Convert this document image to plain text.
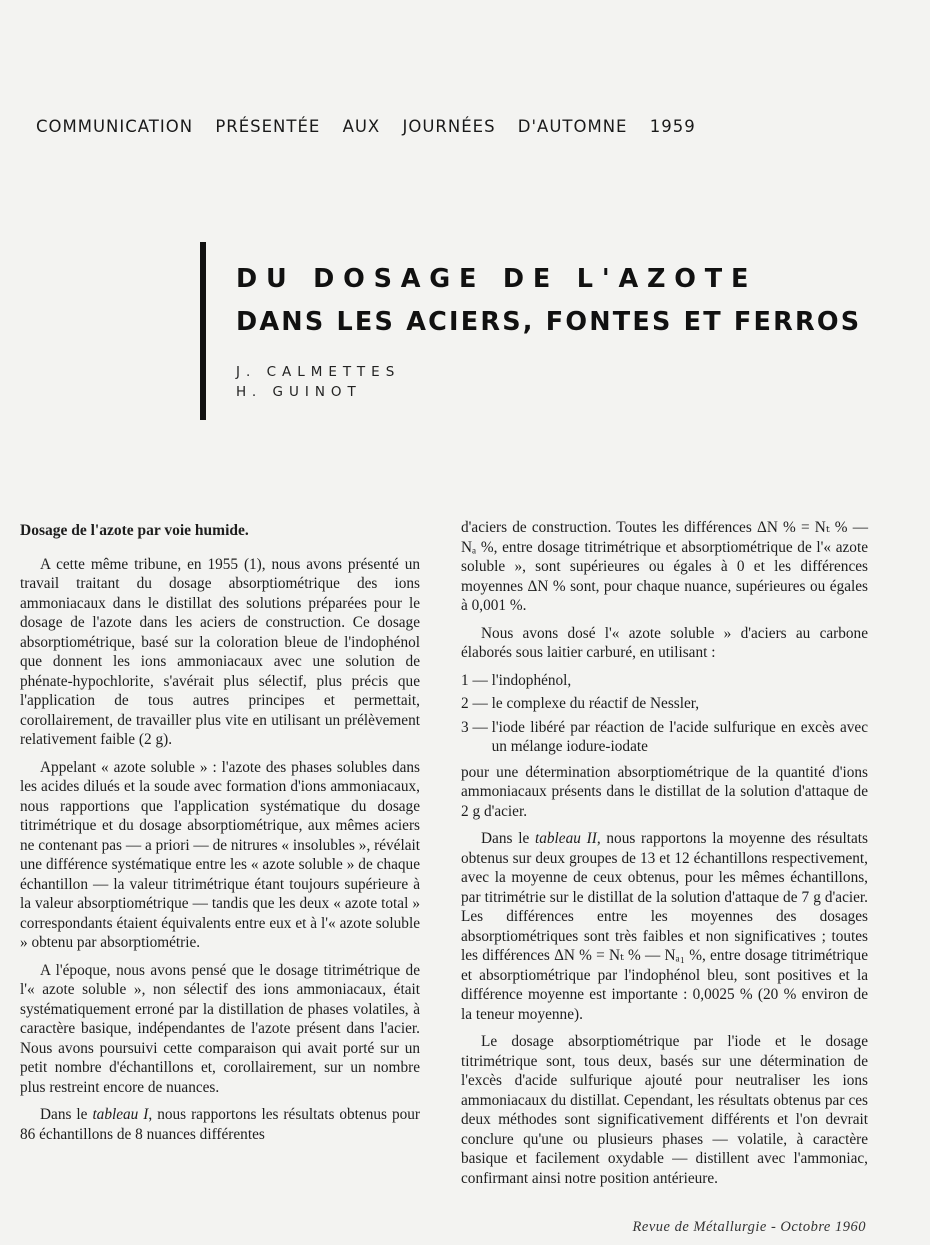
COMMUNICATION PRÉSENTÉE AUX JOURNÉES D'AUTOMNE 1959
DU DOSAGE DE L'AZOTE
DANS LES ACIERS, FONTES ET FERROS
J. CALMETTES
H. GUINOT
Dosage de l'azote par voie humide.

A cette même tribune, en 1955 (1), nous avons présenté un travail traitant du dosage absorptiométrique des ions ammoniacaux dans le distillat des solutions préparées pour le dosage de l'azote dans les aciers de construction. Ce dosage absorptiométrique, basé sur la coloration bleue de l'indophénol que donnent les ions ammoniacaux avec une solution de phénate-hypochlorite, s'avérait plus sélectif, plus précis que l'application de tous autres principes et permettait, corollairement, de travailler plus vite en utilisant un prélèvement relativement faible (2 g).

Appelant « azote soluble » : l'azote des phases solubles dans les acides dilués et la soude avec formation d'ions ammoniacaux, nous rapportions que l'application systématique du dosage titrimétrique et du dosage absorptiométrique, aux mêmes aciers ne contenant pas — a priori — de nitrures « insolubles », révélait une différence systématique entre les « azote soluble » de chaque échantillon — la valeur titrimétrique étant toujours supérieure à la valeur absorptiométrique — tandis que les deux « azote total » correspondants étaient équivalents entre eux et à l'« azote soluble » obtenu par absorptiométrie.

A l'époque, nous avons pensé que le dosage titrimétrique de l'« azote soluble », non sélectif des ions ammoniacaux, était systématiquement erroné par la distillation de phases volatiles, à caractère basique, indépendantes de l'azote présent dans l'acier. Nous avons poursuivi cette comparaison qui avait porté sur un petit nombre d'échantillons et, corollairement, sur un nombre plus restreint encore de nuances.

Dans le tableau I, nous rapportons les résultats obtenus pour 86 échantillons de 8 nuances différentes

d'aciers de construction. Toutes les différences ΔN % = Nₜ % — Nₐ %, entre dosage titrimétrique et absorptiométrique de l'« azote soluble », sont supérieures ou égales à 0 et les différences moyennes ΔN % sont, pour chaque nuance, supérieures ou égales à 0,001 %.

Nous avons dosé l'« azote soluble » d'aciers au carbone élaborés sous laitier carburé, en utilisant :

1 — l'indophénol,
2 — le complexe du réactif de Nessler,
3 — l'iode libéré par réaction de l'acide sulfurique en excès avec un mélange iodure-iodate

pour une détermination absorptiométrique de la quantité d'ions ammoniacaux présents dans le distillat de la solution d'attaque de 2 g d'acier.

Dans le tableau II, nous rapportons la moyenne des résultats obtenus sur deux groupes de 13 et 12 échantillons respectivement, avec la moyenne de ceux obtenus, pour les mêmes échantillons, par titrimétrie sur le distillat de la solution d'attaque de 7 g d'acier. Les différences entre les moyennes des dosages absorptiométriques sont très faibles et non significatives ; toutes les différences ΔN % = Nₜ % — Nₐ₁ %, entre dosage titrimétrique et absorptiométrique par l'indophénol bleu, sont positives et la différence moyenne est importante : 0,0025 % (20 % environ de la teneur moyenne).

Le dosage absorptiométrique par l'iode et le dosage titrimétrique sont, tous deux, basés sur une détermination de l'excès d'acide sulfurique ajouté pour neutraliser les ions ammoniacaux du distillat. Cependant, les résultats obtenus par ces deux méthodes sont significativement différents et l'on devrait conclure qu'une ou plusieurs phases — volatile, à caractère basique et facilement oxydable — distillent avec l'ammoniac, confirmant ainsi notre position antérieure.

Revue de Métallurgie - Octobre 1960
